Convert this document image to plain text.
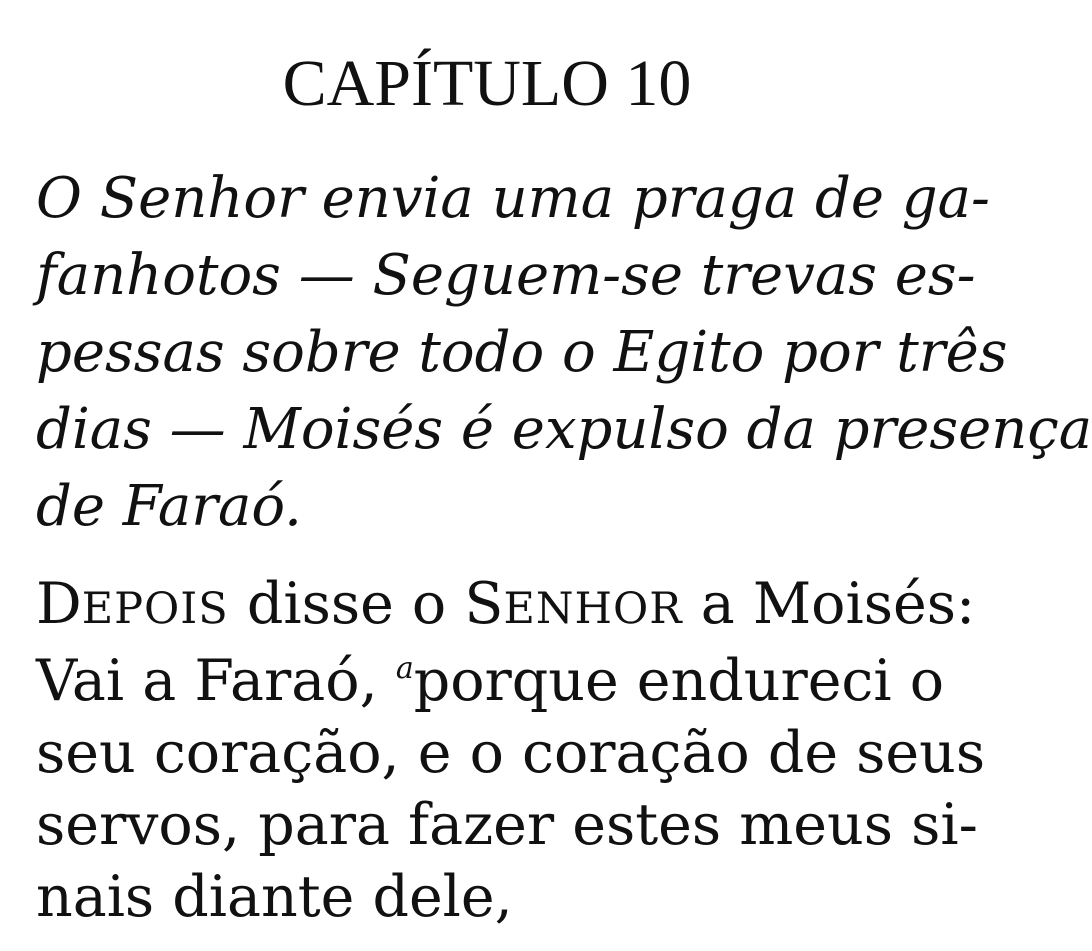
CAPÍTULO 10
O Senhor envia uma praga de ga-
fanhotos — Seguem-se trevas es-
pessas sobre todo o Egito por três
dias — Moisés é expulso da presença
de Faraó.
DEPOIS disse o SENHOR a Moisés:
Vai a Faraó, $^a$porque endureci o
seu coração, e o coração de seus
servos, para fazer estes meus si-
nais diante dele,
